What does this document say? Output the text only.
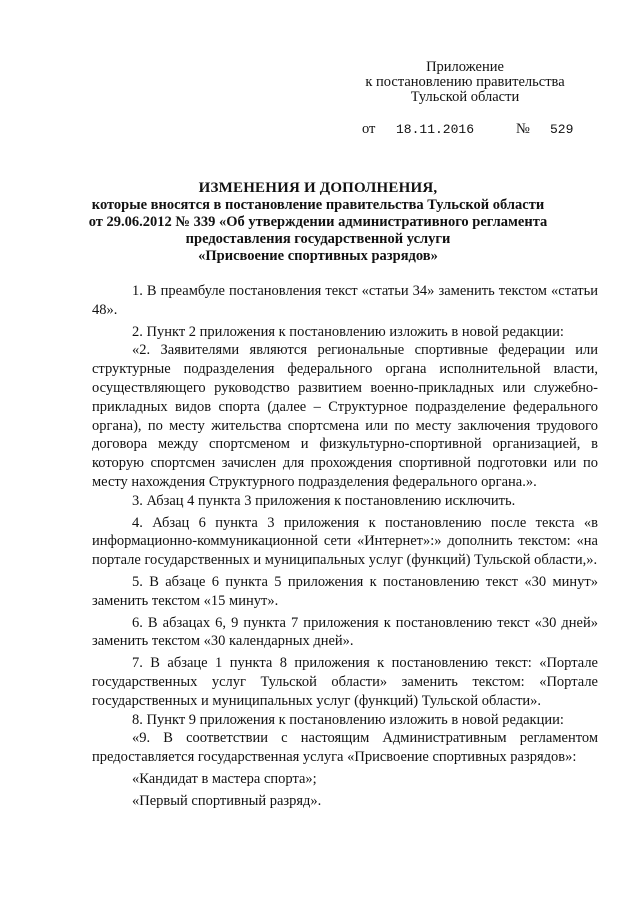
Приложение
к постановлению правительства
Тульской области
от 18.11.2016	№ 529
ИЗМЕНЕНИЯ И ДОПОЛНЕНИЯ,
которые вносятся в постановление правительства Тульской области
от 29.06.2012 № 339 «Об утверждении административного регламента
предоставления государственной услуги
«Присвоение спортивных разрядов»

1. В преамбуле постановления текст «статьи 34» заменить текстом «статьи 48».

2. Пункт 2 приложения к постановлению изложить в новой редакции:

«2. Заявителями являются региональные спортивные федерации или структурные подразделения федерального органа исполнительной власти, осуществляющего руководство развитием военно-прикладных или служебно-прикладных видов спорта (далее – Структурное подразделение федерального органа), по месту жительства спортсмена или по месту заключения трудового договора между спортсменом и физкультурно-спортивной организацией, в которую спортсмен зачислен для прохождения спортивной подготовки или по месту нахождения Структурного подразделения федерального органа.».

3. Абзац 4 пункта 3 приложения к постановлению исключить.

4. Абзац 6 пункта 3 приложения к постановлению после текста «в информационно-коммуникационной сети «Интернет»:» дополнить текстом: «на портале государственных и муниципальных услуг (функций) Тульской области,».

5. В абзаце 6 пункта 5 приложения к постановлению текст «30 минут» заменить текстом «15 минут».

6. В абзацах 6, 9 пункта 7 приложения к постановлению текст «30 дней» заменить текстом «30 календарных дней».

7. В абзаце 1 пункта 8 приложения к постановлению текст: «Портале государственных услуг Тульской области» заменить текстом: «Портале государственных и муниципальных услуг (функций) Тульской области».

8. Пункт 9 приложения к постановлению изложить в новой редакции:

«9. В соответствии с настоящим Административным регламентом предоставляется государственная услуга «Присвоение спортивных разрядов»:

«Кандидат в мастера спорта»;

«Первый спортивный разряд».
